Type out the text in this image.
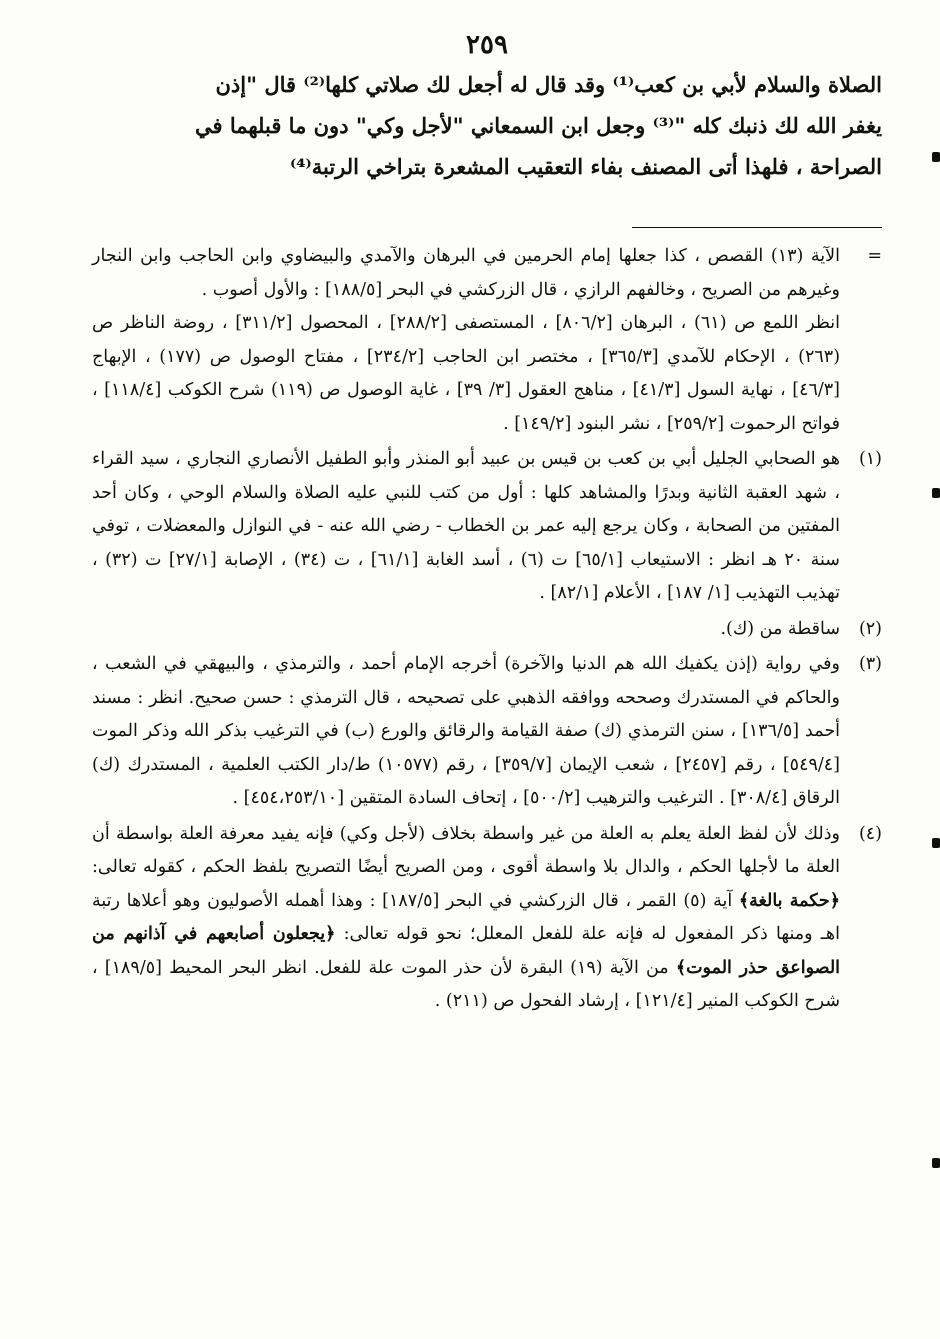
٢٥٩
الصلاة والسلام لأبي بن كعب⁽¹⁾ وقد قال له أجعل لك صلاتي كلها⁽²⁾ قال "إذن
يغفر الله لك ذنبك كله "⁽³⁾ وجعل ابن السمعاني "لأجل وكي" دون ما قبلهما في
الصراحة ، فلهذا أتى المصنف بفاء التعقيب المشعرة بتراخي الرتبة⁽⁴⁾
=

الآية (١٣) القصص ، كذا جعلها إمام الحرمين في البرهان والآمدي والبيضاوي وابن الحاجب وابن النجار وغيرهم من الصريح ، وخالفهم الرازي ، قال الزركشي في البحر [١٨٨/٥] : والأول أصوب .

انظر اللمع ص (٦١) ، البرهان [٨٠٦/٢] ، المستصفى [٢٨٨/٢] ، المحصول [٣١١/٢] ، روضة الناظر ص (٢٦٣) ، الإحكام للآمدي [٣٦٥/٣] ، مختصر ابن الحاجب [٢٣٤/٢] ، مفتاح الوصول ص (١٧٧) ، الإبهاج [٤٦/٣] ، نهاية السول [٤١/٣] ، مناهج العقول [٣/ ٣٩] ، غاية الوصول ص (١١٩) شرح الكوكب [١١٨/٤] ، فواتح الرحموت [٢٥٩/٢] ، نشر البنود [١٤٩/٢] .

(١)

هو الصحابي الجليل أبي بن كعب بن قيس بن عبيد أبو المنذر وأبو الطفيل الأنصاري النجاري ، سيد القراء ، شهد العقبة الثانية وبدرًا والمشاهد كلها : أول من كتب للنبي عليه الصلاة والسلام الوحي ، وكان أحد المفتين من الصحابة ، وكان يرجع إليه عمر بن الخطاب - رضي الله عنه - في النوازل والمعضلات ، توفي سنة ٢٠ هـ انظر : الاستيعاب [٦٥/١] ت (٦) ، أسد الغابة [٦١/١] ، ت (٣٤) ، الإصابة [٢٧/١] ت (٣٢) ، تهذيب التهذيب [١/ ١٨٧] ، الأعلام [٨٢/١] .

(٢)

ساقطة من (ك).

(٣)

وفي رواية (إذن يكفيك الله هم الدنيا والآخرة) أخرجه الإمام أحمد ، والترمذي ، والبيهقي في الشعب ، والحاكم في المستدرك وصححه ووافقه الذهبي على تصحيحه ، قال الترمذي : حسن صحيح. انظر : مسند أحمد [١٣٦/٥] ، سنن الترمذي (ك) صفة القيامة والرقائق والورع (ب) في الترغيب بذكر الله وذكر الموت [٥٤٩/٤] ، رقم [٢٤٥٧] ، شعب الإيمان [٣٥٩/٧] ، رقم (١٠٥٧٧) ط/دار الكتب العلمية ، المستدرك (ك) الرقاق [٣٠٨/٤] . الترغيب والترهيب [٥٠٠/٢] ، إتحاف السادة المتقين [٤٥٤،٢٥٣/١٠] .

(٤)

وذلك لأن لفظ العلة يعلم به العلة من غير واسطة بخلاف (لأجل وكي) فإنه يفيد معرفة العلة بواسطة أن العلة ما لأجلها الحكم ، والدال بلا واسطة أقوى ، ومن الصريح أيضًا التصريح بلفظ الحكم ، كقوله تعالى: ﴿حكمة بالغة﴾ آية (٥) القمر ، قال الزركشي في البحر [١٨٧/٥] : وهذا أهمله الأصوليون وهو أعلاها رتبة اهـ ومنها ذكر المفعول له فإنه علة للفعل المعلل؛ نحو قوله تعالى: ﴿يجعلون أصابعهم في آذانهم من الصواعق حذر الموت﴾ من الآية (١٩) البقرة لأن حذر الموت علة للفعل. انظر البحر المحيط [١٨٩/٥] ، شرح الكوكب المنير [١٢١/٤] ، إرشاد الفحول ص (٢١١) .
